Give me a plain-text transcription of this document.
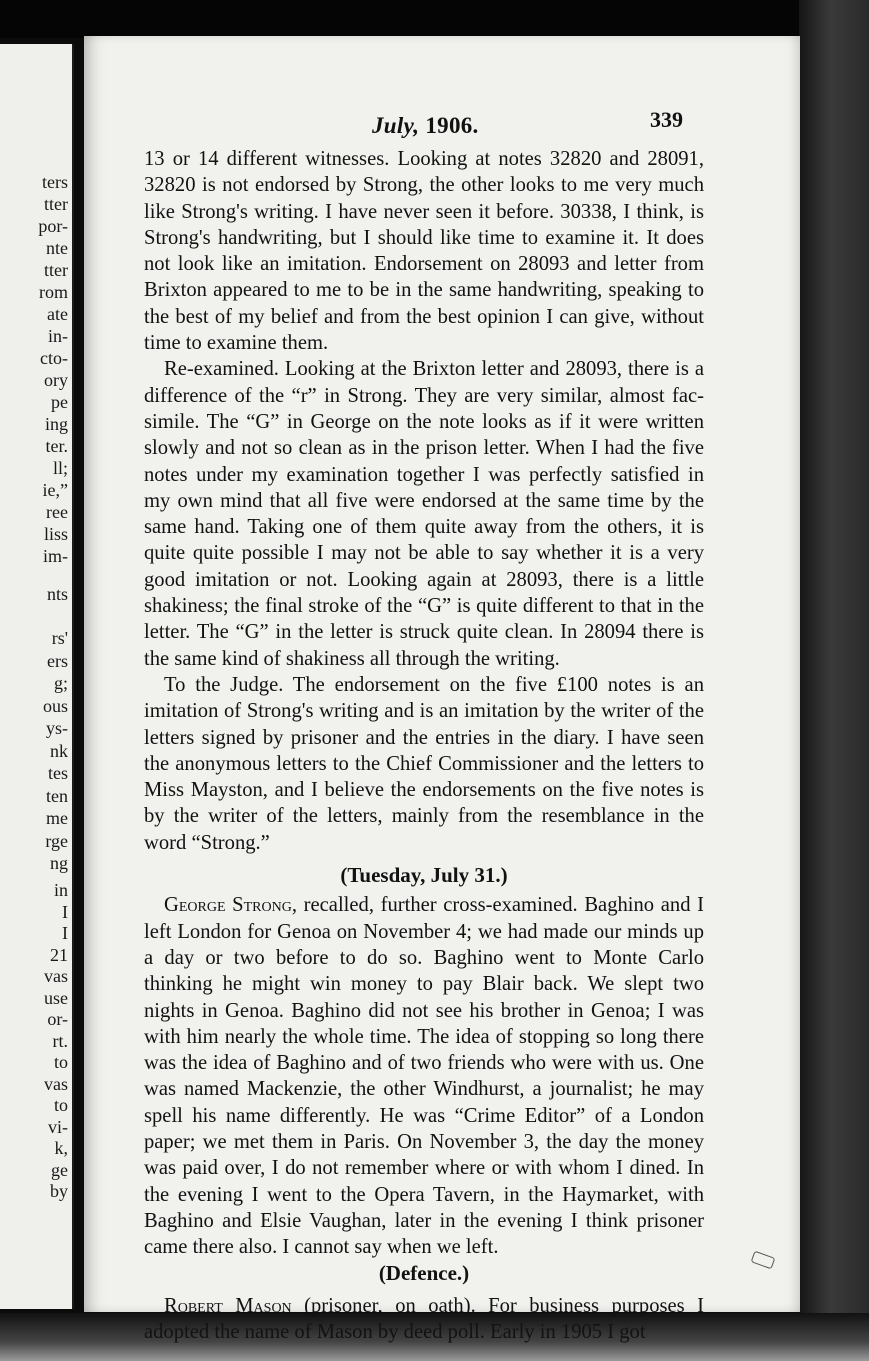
ters
tter
por-
nte
tter
rom
ate
in-
cto-
ory
pe
ing
ter.
ll;
ie,”
ree
liss
im-
nts
rs'
ers
g;
ous
ys-
nk
tes
ten
me
rge
ng
in
I
I
21
vas
use
or-
rt.
to
vas
to
vi-
k,
ge
by
July, 1906.	339

13 or 14 different witnesses. Looking at notes 32820 and 28091, 32820 is not endorsed by Strong, the other looks to me very much like Strong's writing. I have never seen it before. 30338, I think, is Strong's handwriting, but I should like time to examine it. It does not look like an imitation. Endorsement on 28093 and letter from Brixton appeared to me to be in the same handwriting, speaking to the best of my belief and from the best opinion I can give, without time to examine them.

Re-examined. Looking at the Brixton letter and 28093, there is a difference of the “r” in Strong. They are very similar, almost fac-simile. The “G” in George on the note looks as if it were written slowly and not so clean as in the prison letter. When I had the five notes under my examination together I was perfectly satisfied in my own mind that all five were endorsed at the same time by the same hand. Taking one of them quite away from the others, it is quite quite possible I may not be able to say whether it is a very good imitation or not. Looking again at 28093, there is a little shakiness; the final stroke of the “G” is quite different to that in the letter. The “G” in the letter is struck quite clean. In 28094 there is the same kind of shakiness all through the writing.

To the Judge. The endorsement on the five £100 notes is an imitation of Strong's writing and is an imitation by the writer of the letters signed by prisoner and the entries in the diary. I have seen the anonymous letters to the Chief Commissioner and the letters to Miss Mayston, and I believe the endorsements on the five notes is by the writer of the letters, mainly from the resemblance in the word “Strong.”

(Tuesday, July 31.)

George Strong, recalled, further cross-examined. Baghino and I left London for Genoa on November 4; we had made our minds up a day or two before to do so. Baghino went to Monte Carlo thinking he might win money to pay Blair back. We slept two nights in Genoa. Baghino did not see his brother in Genoa; I was with him nearly the whole time. The idea of stopping so long there was the idea of Baghino and of two friends who were with us. One was named Mackenzie, the other Windhurst, a journalist; he may spell his name differently. He was “Crime Editor” of a London paper; we met them in Paris. On November 3, the day the money was paid over, I do not remember where or with whom I dined. In the evening I went to the Opera Tavern, in the Haymarket, with Baghino and Elsie Vaughan, later in the evening I think prisoner came there also. I cannot say when we left.

(Defence.)

Robert Mason (prisoner, on oath). For business purposes I adopted the name of Mason by deed poll. Early in 1905 I got
